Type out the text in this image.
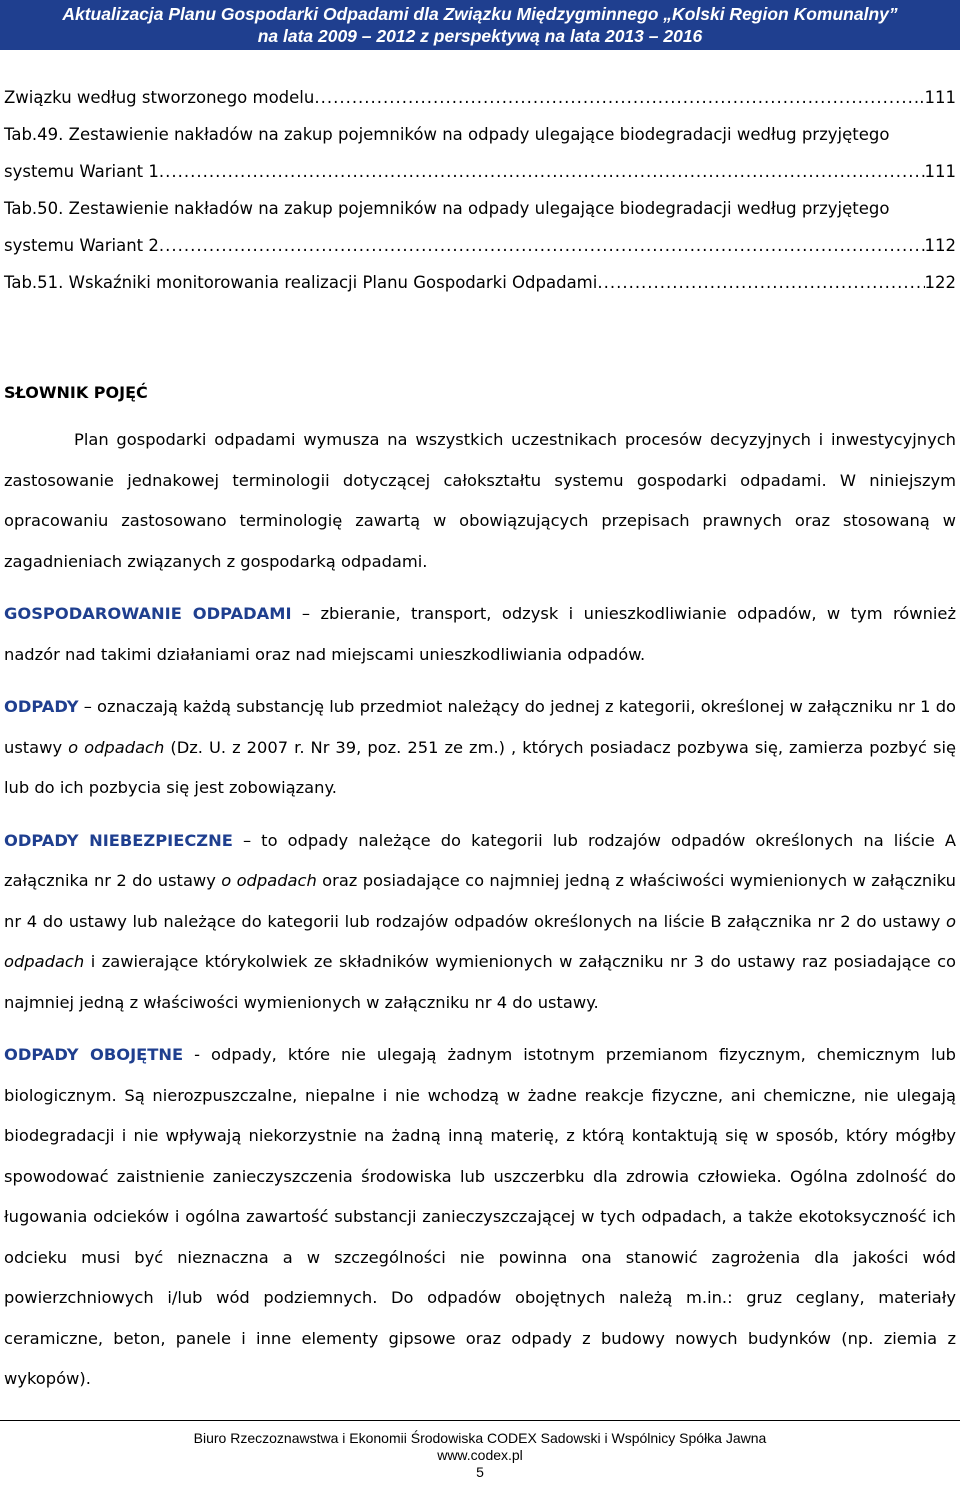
Aktualizacja Planu Gospodarki Odpadami dla Związku Międzygminnego „Kolski Region Komunalny”
na lata 2009 – 2012 z perspektywą na lata 2013 – 2016
Związku według stworzonego modelu .....	.111
Tab.49. Zestawienie nakładów na zakup pojemników na odpady ulegające biodegradacji według przyjętego
systemu Wariant 1 .....	111
Tab.50. Zestawienie nakładów na zakup pojemników na odpady ulegające biodegradacji według przyjętego
systemu Wariant 2 .....	112
Tab.51. Wskaźniki monitorowania realizacji Planu Gospodarki Odpadami .....	122
SŁOWNIK POJĘĆ

Plan gospodarki odpadami wymusza na wszystkich uczestnikach procesów decyzyjnych i inwestycyjnych zastosowanie jednakowej terminologii dotyczącej całokształtu systemu gospodarki odpadami. W niniejszym opracowaniu zastosowano terminologię zawartą w obowiązujących przepisach prawnych oraz stosowaną w zagadnieniach związanych z gospodarką odpadami.

GOSPODAROWANIE ODPADAMI – zbieranie, transport, odzysk i unieszkodliwianie odpadów, w tym również nadzór nad takimi działaniami oraz nad miejscami unieszkodliwiania odpadów.

ODPADY – oznaczają każdą substancję lub przedmiot należący do jednej z kategorii, określonej w załączniku nr 1 do ustawy o odpadach (Dz. U. z 2007 r. Nr 39, poz. 251 ze zm.) , których posiadacz pozbywa się, zamierza pozbyć się lub do ich pozbycia się jest zobowiązany.

ODPADY NIEBEZPIECZNE – to odpady należące do kategorii lub rodzajów odpadów określonych na liście A załącznika nr 2 do ustawy o odpadach oraz posiadające co najmniej jedną z właściwości wymienionych w załączniku nr 4 do ustawy lub należące do kategorii lub rodzajów odpadów określonych na liście B załącznika nr 2 do ustawy o odpadach i zawierające którykolwiek ze składników wymienionych w załączniku nr 3 do ustawy raz posiadające co najmniej jedną z właściwości wymienionych w załączniku nr 4 do ustawy.

ODPADY OBOJĘTNE - odpady, które nie ulegają żadnym istotnym przemianom fizycznym, chemicznym lub biologicznym. Są nierozpuszczalne, niepalne i nie wchodzą w żadne reakcje fizyczne, ani chemiczne, nie ulegają biodegradacji i nie wpływają niekorzystnie na żadną inną materię, z którą kontaktują się w sposób, który mógłby spowodować zaistnienie zanieczyszczenia środowiska lub uszczerbku dla zdrowia człowieka. Ogólna zdolność do ługowania odcieków i ogólna zawartość substancji zanieczyszczającej w tych odpadach, a także ekotoksyczność ich odcieku musi być nieznaczna a w szczególności nie powinna ona stanowić zagrożenia dla jakości wód powierzchniowych i/lub wód podziemnych. Do odpadów obojętnych należą m.in.: gruz ceglany, materiały ceramiczne, beton, panele i inne elementy gipsowe oraz odpady z budowy nowych budynków (np. ziemia z wykopów).

Biuro Rzeczoznawstwa i Ekonomii Środowiska CODEX Sadowski i Wspólnicy Spółka Jawna
www.codex.pl
5
